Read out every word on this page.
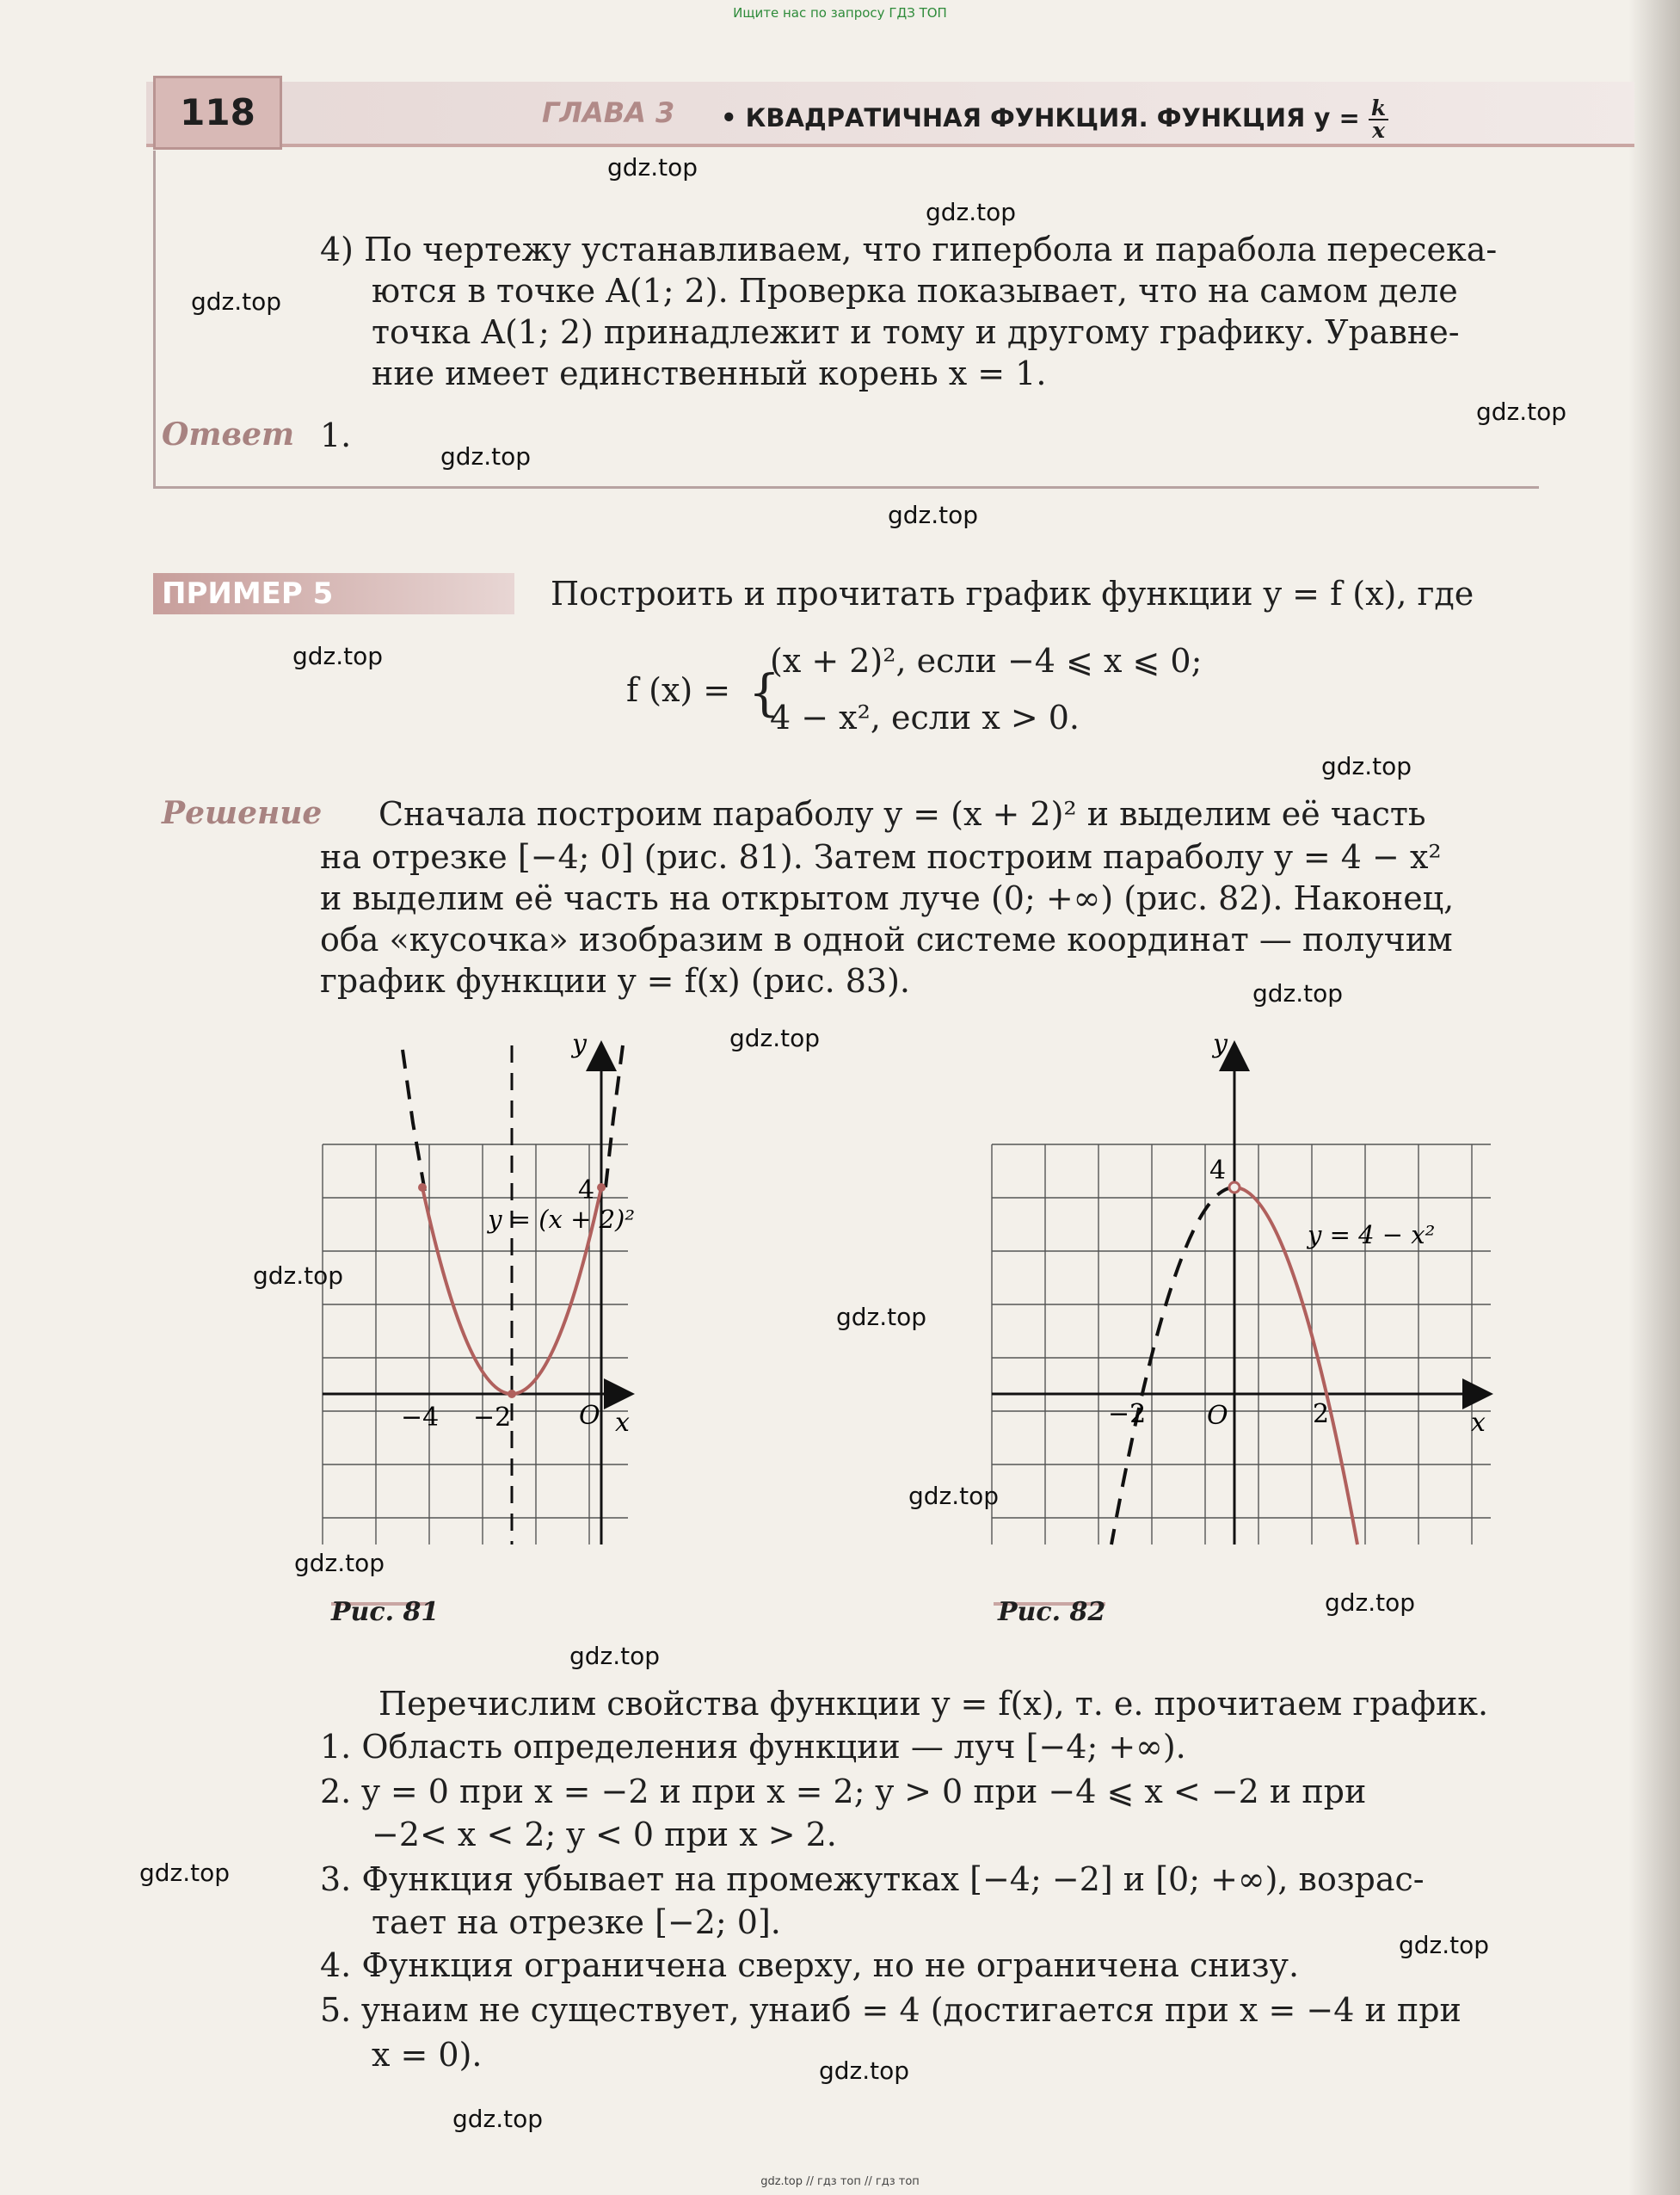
Ищите нас по запросу ГДЗ ТОП
118	ГЛАВА 3 • КВАДРАТИЧНАЯ ФУНКЦИЯ. ФУНКЦИЯ $y = \frac{k}{x}$
4) По чертежу устанавливаем, что гипербола и парабола пересека-
ются в точке A(1; 2). Проверка показывает, что на самом деле
точка A(1; 2) принадлежит и тому и другому графику. Уравне-
ние имеет единственный корень x = 1.
Ответ 1.
ПРИМЕР 5	Построить и прочитать график функции y = f (x), где
f (x) = {
(x + 2)², если −4 ⩽ x ⩽ 0;
4 − x², если x > 0.
Решение Сначала построим параболу y = (x + 2)² и выделим её часть
на отрезке [−4; 0] (рис. 81). Затем построим параболу y = 4 − x²
и выделим её часть на открытом луче (0; +∞) (рис. 82). Наконец,
оба «кусочка» изобразим в одной системе координат — получим
график функции y = f(x) (рис. 83).
y
x
O
−4 −2
4
y = (x + 2)²
Рис. 81
y
x
O
−2	2
4
y = 4 − x²
Рис. 82
Перечислим свойства функции y = f(x), т. е. прочитаем график.
1. Область определения функции — луч [−4; +∞).
2. y = 0 при x = −2 и при x = 2; y > 0 при −4 ⩽ x < −2 и при
−2< x < 2; y < 0 при x > 2.
3. Функция убывает на промежутках [−4; −2] и [0; +∞), возрас-
тает на отрезке [−2; 0].
4. Функция ограничена сверху, но не ограничена снизу.
5. yнаим не существует, yнаиб = 4 (достигается при x = −4 и при
x = 0).
gdz.top
gdz.top
gdz.top
gdz.top
gdz.top
gdz.top
gdz.top
gdz.top
gdz.top
gdz.top
gdz.top
gdz.top
gdz.top
gdz.top
gdz.top
gdz.top
gdz.top
gdz.top
gdz.top
gdz.top
gdz.top // гдз топ // гдз топ
